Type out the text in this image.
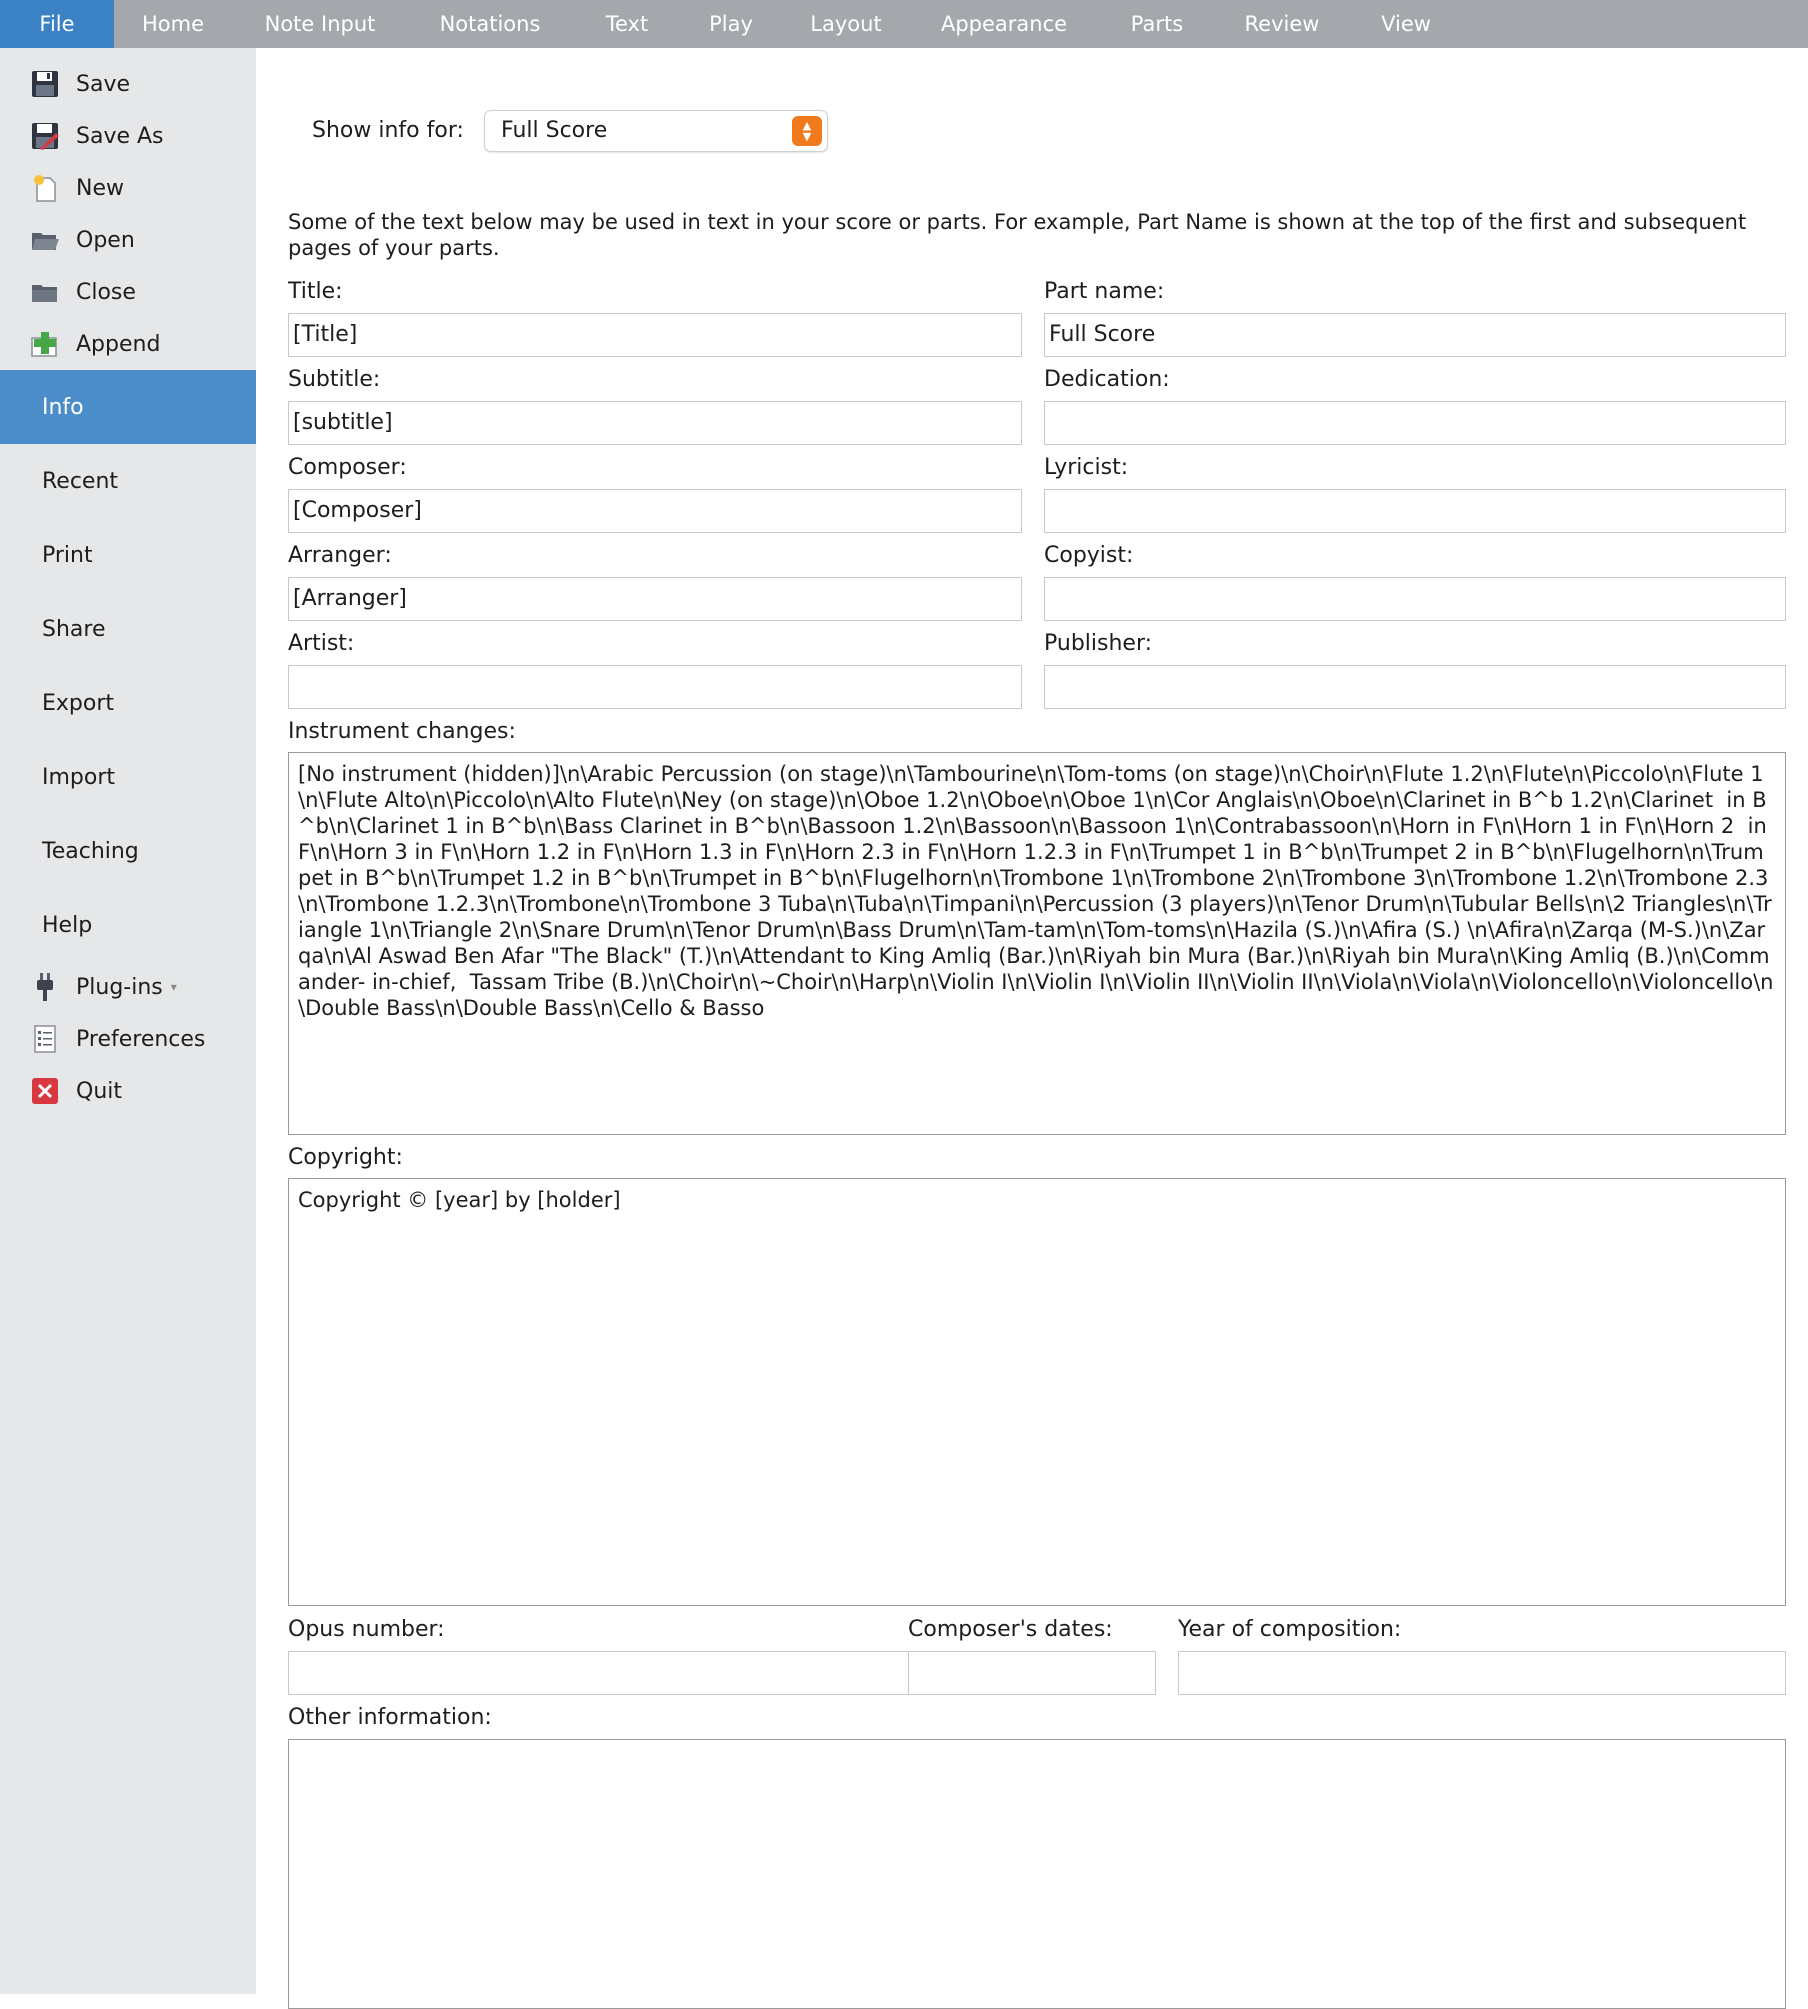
File	Home	Note Input	Notations	Text	Play	Layout	Appearance	Parts	Review	View
Save
Save As
New
Open
Close
Append
Info
Recent
Print
Share
Export
Import
Teaching
Help
Plug-ins ▾
Preferences
Quit
Show info for:	Full Score	▲
▼
Some of the text below may be used in text in your score or parts. For example, Part Name is shown at the top of the first and subsequent pages of your parts.
Title:
[Title]
Part name:
Full Score
Subtitle:
[subtitle]
Dedication:
Composer:
[Composer]
Lyricist:
Arranger:
[Arranger]
Copyist:
Artist:	Publisher:
Instrument changes:
[No instrument (hidden)]\n\Arabic Percussion (on stage)\n\Tambourine\n\Tom-toms (on stage)\n\Choir\n\Flute 1.2\n\Flute\n\Piccolo\n\Flute 1\n\Flute Alto\n\Piccolo\n\Alto Flute\n\Ney (on stage)\n\Oboe 1.2\n\Oboe\n\Oboe 1\n\Cor Anglais\n\Oboe\n\Clarinet in B^b 1.2\n\Clarinet  in B^b\n\Clarinet 1 in B^b\n\Bass Clarinet in B^b\n\Bassoon 1.2\n\Bassoon\n\Bassoon 1\n\Contrabassoon\n\Horn in F\n\Horn 1 in F\n\Horn 2  in F\n\Horn 3 in F\n\Horn 1.2 in F\n\Horn 1.3 in F\n\Horn 2.3 in F\n\Horn 1.2.3 in F\n\Trumpet 1 in B^b\n\Trumpet 2 in B^b\n\Flugelhorn\n\Trumpet in B^b\n\Trumpet 1.2 in B^b\n\Trumpet in B^b\n\Flugelhorn\n\Trombone 1\n\Trombone 2\n\Trombone 3\n\Trombone 1.2\n\Trombone 2.3\n\Trombone 1.2.3\n\Trombone\n\Trombone 3 Tuba\n\Tuba\n\Timpani\n\Percussion (3 players)\n\Tenor Drum\n\Tubular Bells\n\2 Triangles\n\Triangle 1\n\Triangle 2\n\Snare Drum\n\Tenor Drum\n\Bass Drum\n\Tam-tam\n\Tom-toms\n\Hazila (S.)\n\Afira (S.) \n\Afira\n\Zarqa (M-S.)\n\Zarqa\n\Al Aswad Ben Afar "The Black" (T.)\n\Attendant to King Amliq (Bar.)\n\Riyah bin Mura (Bar.)\n\Riyah bin Mura\n\King Amliq (B.)\n\Commander- in-chief,  Tassam Tribe (B.)\n\Choir\n\~Choir\n\Harp\n\Violin I\n\Violin I\n\Violin II\n\Violin II\n\Viola\n\Viola\n\Violoncello\n\Violoncello\n\Double Bass\n\Double Bass\n\Cello & Basso
Copyright:
Copyright © [year] by [holder]
Opus number:	Composer's dates:	Year of composition:
Other information:
